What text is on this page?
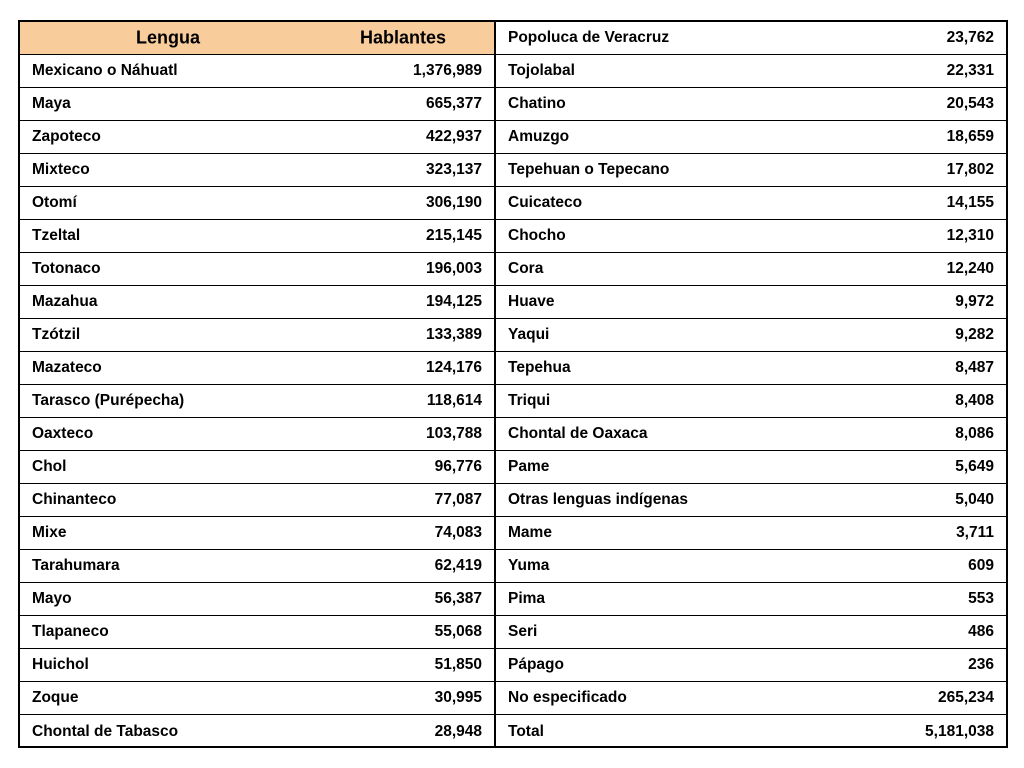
Lengua	Hablantes
Mexicano o Náhuatl	1,376,989
Maya	665,377
Zapoteco	422,937
Mixteco	323,137
Otomí	306,190
Tzeltal	215,145
Totonaco	196,003
Mazahua	194,125
Tzótzil	133,389
Mazateco	124,176
Tarasco (Purépecha)	118,614
Oaxteco	103,788
Chol	96,776
Chinanteco	77,087
Mixe	74,083
Tarahumara	62,419
Mayo	56,387
Tlapaneco	55,068
Huichol	51,850
Zoque	30,995
Chontal de Tabasco	28,948
Popoluca de Veracruz	23,762
Tojolabal	22,331
Chatino	20,543
Amuzgo	18,659
Tepehuan o Tepecano	17,802
Cuicateco	14,155
Chocho	12,310
Cora	12,240
Huave	9,972
Yaqui	9,282
Tepehua	8,487
Triqui	8,408
Chontal de Oaxaca	8,086
Pame	5,649
Otras lenguas indígenas	5,040
Mame	3,711
Yuma	609
Pima	553
Seri	486
Pápago	236
No especificado	265,234
Total	5,181,038
